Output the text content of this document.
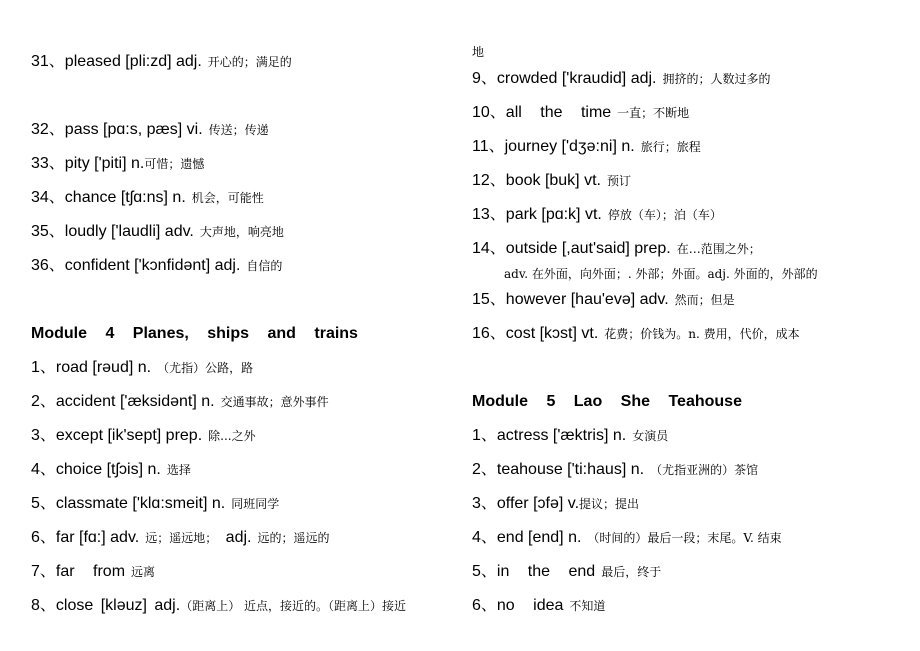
31、pleased [pli:zd] adj. 开心的；满足的
32、pass [pɑ:s, pæs] vi. 传送；传递
33、pity ['piti] n.可惜；遗憾
34、chance [tʃɑ:ns] n. 机会，可能性
35、loudly ['laudli] adv. 大声地，响亮地
36、confident ['kɔnfidənt] adj. 自信的
Module 4 Planes, ships and trains
1、road [rəud] n. （尤指）公路，路
2、accident ['æksidənt] n. 交通事故；意外事件
3、except [ik'sept] prep. 除...之外
4、choice [tʃɔis] n. 选择
5、classmate ['klɑ:smeit] n. 同班同学
6、far [fɑ:] adv. 远；遥远地； adj. 远的；遥远的
7、far from 远离
8、close [kləuz] adj.（距离上） 近点，接近的。（距离上）接近
地
9、crowded ['kraudid] adj. 拥挤的；人数过多的
10、all the time 一直；不断地
11、journey ['dʒə:ni] n. 旅行；旅程
12、book [buk] vt. 预订
13、park [pɑ:k] vt. 停放（车）；泊（车）
14、outside [,aut'said] prep. 在…范围之外；
adv. 在外面，向外面；. 外部；外面。adj. 外面的，外部的
15、however [hau'evə] adv. 然而；但是
16、cost [kɔst] vt. 花费；价钱为。n. 费用，代价，成本
Module 5 Lao She Teahouse
1、actress ['æktris] n. 女演员
2、teahouse ['ti:haus] n. （尤指亚洲的）茶馆
3、offer [ɔfə] v.提议；提出
4、end [end] n. （时间的）最后一段；末尾。V. 结束
5、in the end 最后，终于
6、no idea 不知道
